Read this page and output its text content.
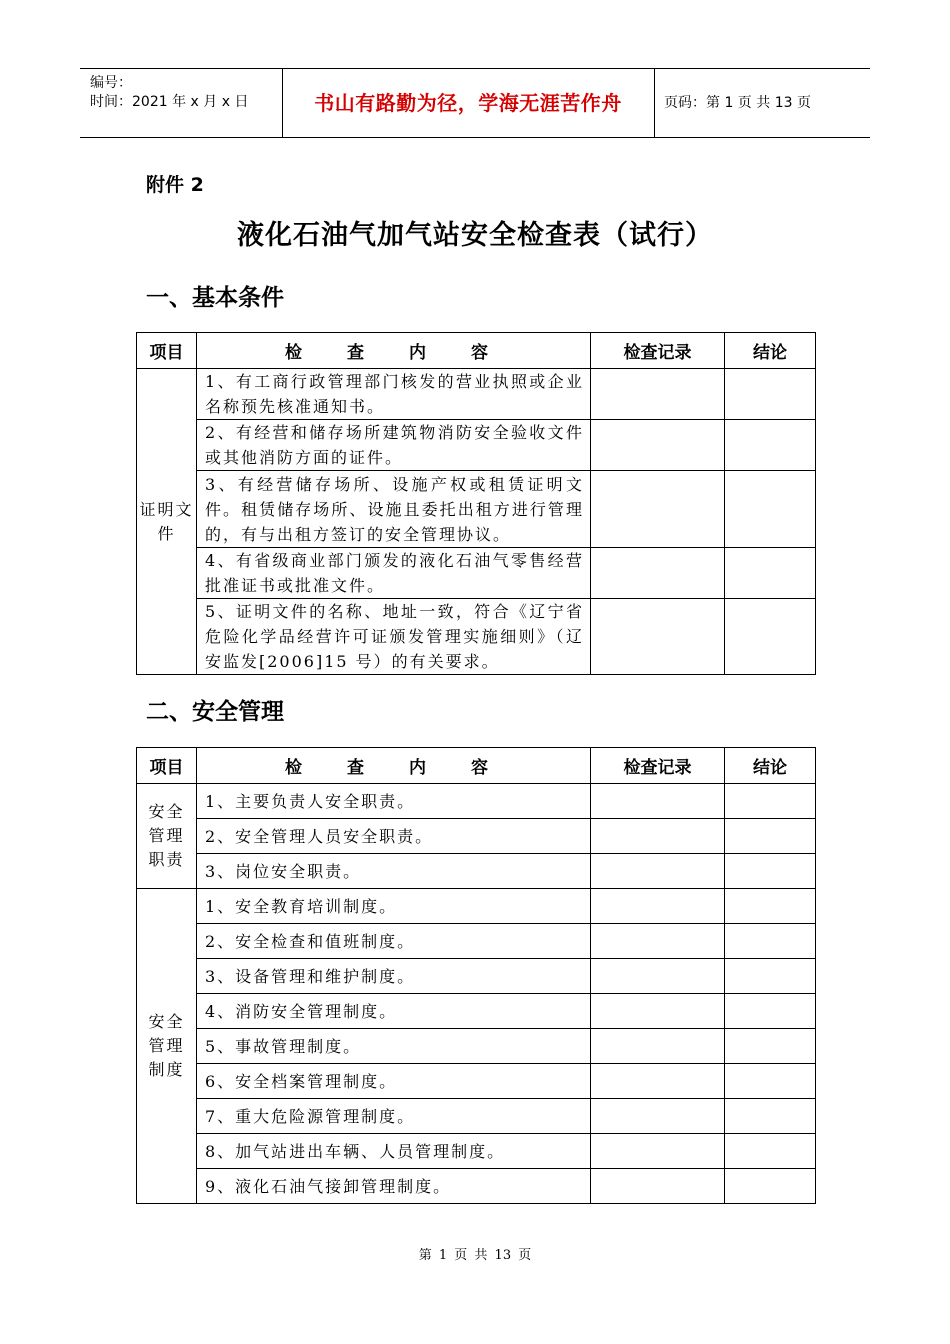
编号：
时间：2021 年 x 月 x 日	书山有路勤为径，学海无涯苦作舟	页码：第 1 页 共 13 页
附件 2
液化石油气加气站安全检查表（试行）
一、基本条件
项目	检　查　内　容	检查记录	结论
证明文件	1、有工商行政管理部门核发的营业执照或企业名称预先核准通知书。		
	2、有经营和储存场所建筑物消防安全验收文件或其他消防方面的证件。		
	3、有经营储存场所、设施产权或租赁证明文件。租赁储存场所、设施且委托出租方进行管理的，有与出租方签订的安全管理协议。		
	4、有省级商业部门颁发的液化石油气零售经营批准证书或批准文件。		
	5、证明文件的名称、地址一致，符合《辽宁省危险化学品经营许可证颁发管理实施细则》（辽安监发[2006]15 号）的有关要求。		
二、安全管理
项目	检　查　内　容	检查记录	结论
安全管理职责	1、主要负责人安全职责。		
	2、安全管理人员安全职责。		
	3、岗位安全职责。		
安全管理制度	1、安全教育培训制度。		
	2、安全检查和值班制度。		
	3、设备管理和维护制度。		
	4、消防安全管理制度。		
	5、事故管理制度。		
	6、安全档案管理制度。		
	7、重大危险源管理制度。		
	8、加气站进出车辆、人员管理制度。		
	9、液化石油气接卸管理制度。		
第 1 页 共 13 页
